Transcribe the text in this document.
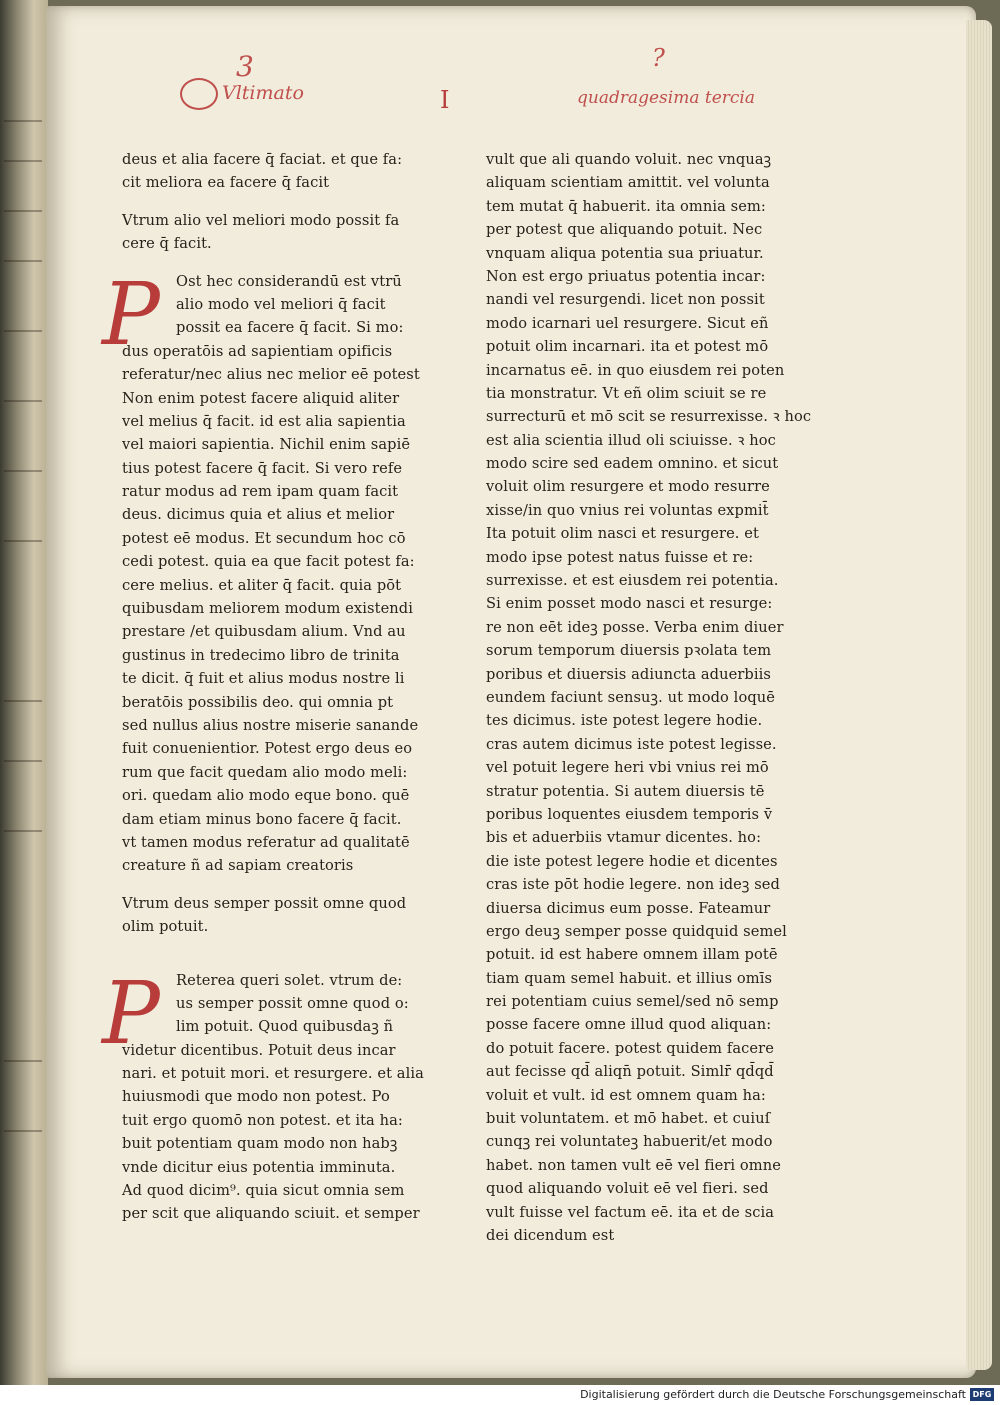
3	?
Vltimato	I	quadragesima tercia
deus et alia facere q̄ faciat. et que fa:
cit meliora ea facere q̄ facit
Vtrum alio vel meliori modo possit fa
cere q̄ facit.
P	Ost hec considerandū est vtrū
alio modo vel meliori q̄ facit
possit ea facere q̄ facit. Si mo:
dus operatōis ad sapientiam opificis
referatur/nec alius nec melior eē potest
Non enim potest facere aliquid aliter
vel melius q̄ facit. id est alia sapientia
vel maiori sapientia. Nichil enim sapiē
tius potest facere q̄ facit. Si vero refe
ratur modus ad rem ipam quam facit
deus. dicimus quia et alius et melior
potest eē modus. Et secundum hoc cō
cedi potest. quia ea que facit potest fa:
cere melius. et aliter q̄ facit. quia pōt
quibusdam meliorem modum existendi
prestare /et quibusdam alium. Vnd au
gustinus in tredecimo libro de trinita
te dicit. q̄ fuit et alius modus nostre li
beratōis possibilis deo. qui omnia pt
sed nullus alius nostre miserie sanande
fuit conuenientior. Potest ergo deus eo
rum que facit quedam alio modo meli:
ori. quedam alio modo eque bono. quē
dam etiam minus bono facere q̄ facit.
vt tamen modus referatur ad qualitatē
creature ñ ad sapiam creatoris
Vtrum deus semper possit omne quod
olim potuit.
P	Reterea queri solet. vtrum de:
us semper possit omne quod o:
lim potuit. Quod quibusdaꝫ ñ
videtur dicentibus. Potuit deus incar
nari. et potuit mori. et resurgere. et alia
huiusmodi que modo non potest. Po
tuit ergo quomō non potest. et ita ha:
buit potentiam quam modo non habꝫ
vnde dicitur eius potentia imminuta.
Ad quod dicim⁹. quia sicut omnia sem
per scit que aliquando sciuit. et semper
vult que ali quando voluit. nec vnquaꝫ
aliquam scientiam amittit. vel volunta
tem mutat q̄ habuerit. ita omnia sem:
per potest que aliquando potuit. Nec
vnquam aliqua potentia sua priuatur.
Non est ergo priuatus potentia incar:
nandi vel resurgendi. licet non possit
modo icarnari uel resurgere. Sicut eñ
potuit olim incarnari. ita et potest mō
incarnatus eē. in quo eiusdem rei poten
tia monstratur. Vt eñ olim sciuit se re
surrecturū et mō scit se resurrexisse. ꝛ hoc
est alia scientia illud oli sciuisse. ꝛ hoc
modo scire sed eadem omnino. et sicut
voluit olim resurgere et modo resurre
xisse/in quo vnius rei voluntas expmit̄
Ita potuit olim nasci et resurgere. et
modo ipse potest natus fuisse et re:
surrexisse. et est eiusdem rei potentia.
Si enim posset modo nasci et resurge:
re non eēt ideꝫ posse. Verba enim diuer
sorum temporum diuersis pꝛolata tem
poribus et diuersis adiuncta aduerbiis
eundem faciunt sensuꝫ. ut modo loquē
tes dicimus. iste potest legere hodie.
cras autem dicimus iste potest legisse.
vel potuit legere heri vbi vnius rei mō
stratur potentia. Si autem diuersis tē
poribus loquentes eiusdem temporis v̄
bis et aduerbiis vtamur dicentes. ho:
die iste potest legere hodie et dicentes
cras iste pōt hodie legere. non ideꝫ sed
diuersa dicimus eum posse. Fateamur
ergo deuꝫ semper posse quidquid semel
potuit. id est habere omnem illam potē
tiam quam semel habuit. et illius omīs
rei potentiam cuius semel/sed nō semp
posse facere omne illud quod aliquan:
do potuit facere. potest quidem facere
aut fecisse qd̄ aliqn̄ potuit. Simlr̄ qd̄qd̄
voluit et vult. id est omnem quam ha:
buit voluntatem. et mō habet. et cuiuſ
cunqꝫ rei voluntateꝫ habuerit/et modo
habet. non tamen vult eē vel fieri omne
quod aliquando voluit eē vel fieri. sed
vult fuisse vel factum eē. ita et de scia
dei dicendum est
Digitalisierung gefördert durch die Deutsche Forschungsgemeinschaft DFG
